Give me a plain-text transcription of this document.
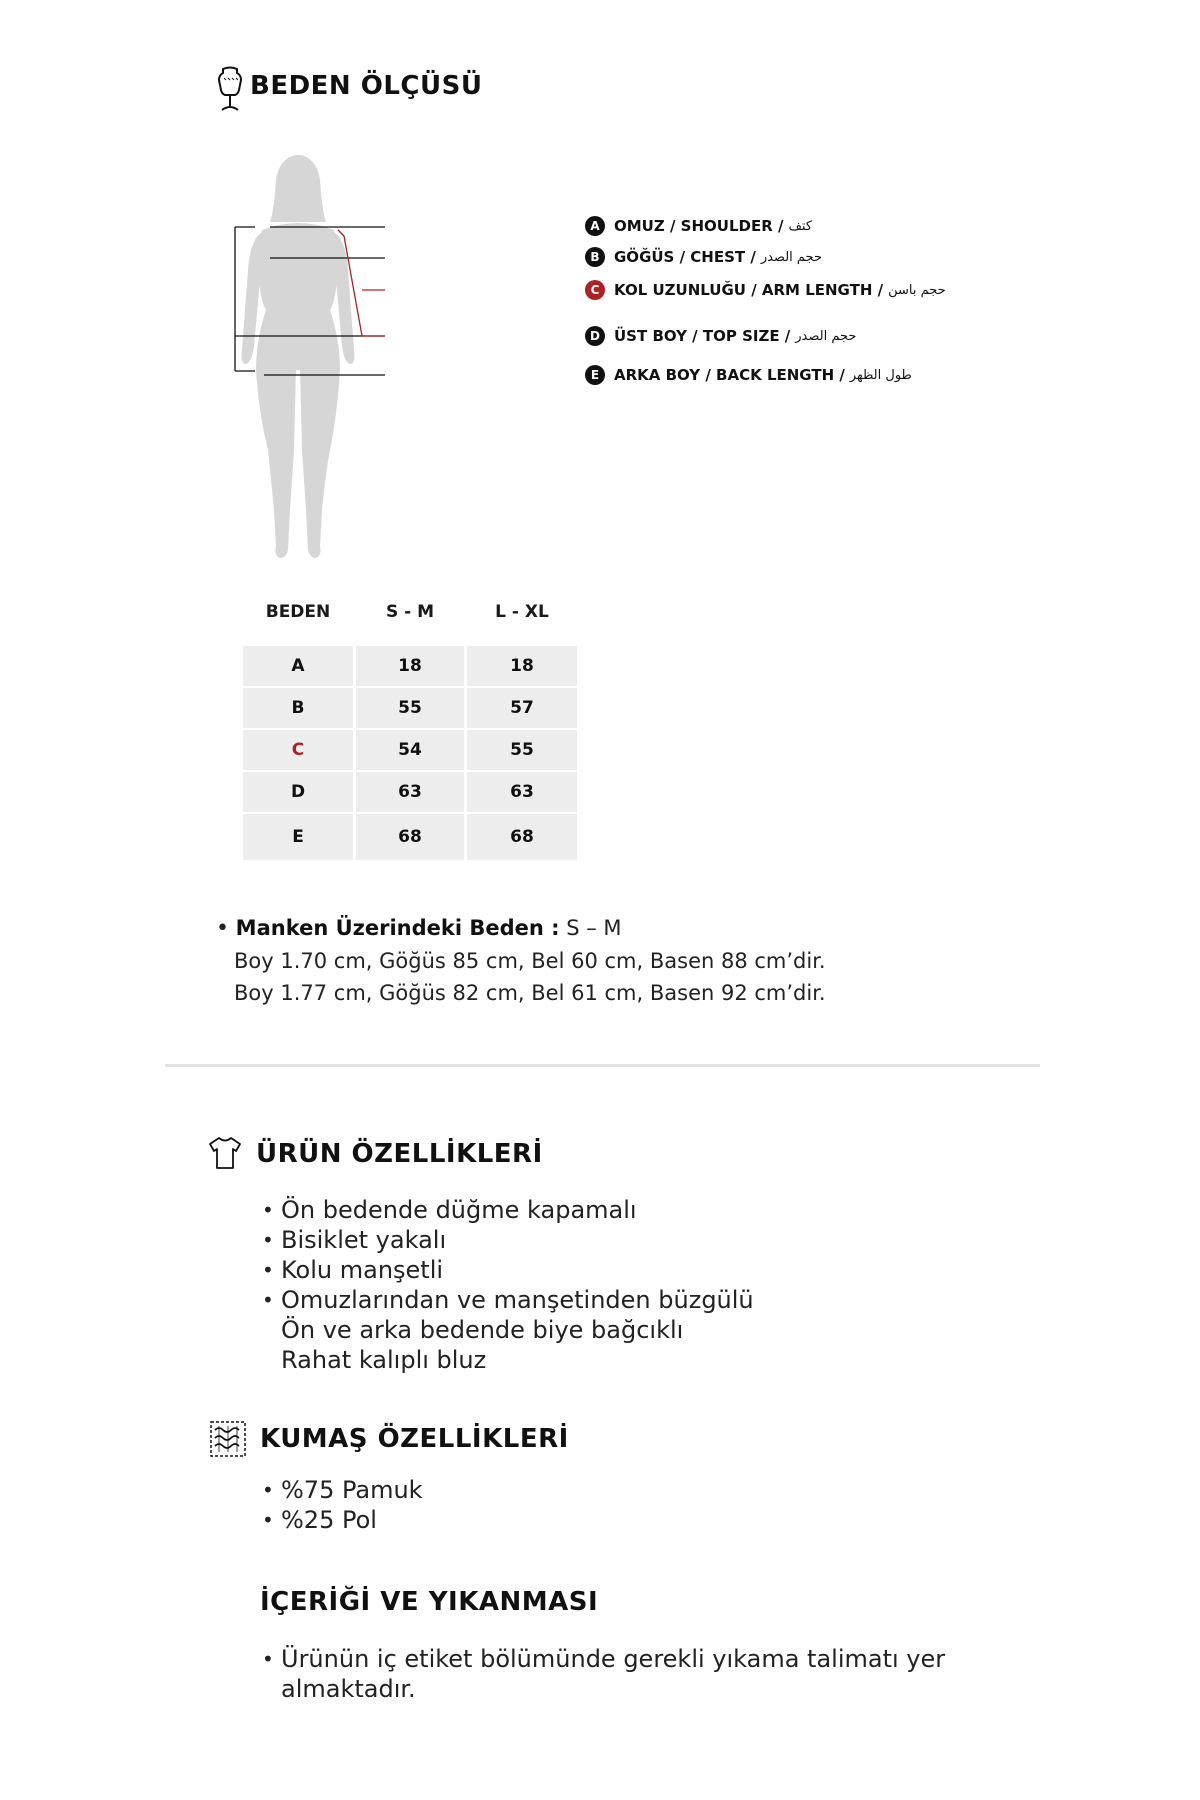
BEDEN ÖLÇÜSÜ
A OMUZ / SHOULDER / كتف
B GÖĞÜS / CHEST / حجم الصدر
C KOL UZUNLUĞU / ARM LENGTH / حجم باسن
D ÜST BOY / TOP SIZE / حجم الصدر
E ARKA BOY / BACK LENGTH / طول الظهر
BEDEN	S - M	L - XL
A	18	18
B	55	57
C	54	55
D	63	63
E	68	68
• Manken Üzerindeki Beden : S – M
Boy 1.70 cm, Göğüs 85 cm, Bel 60 cm, Basen 88 cm’dir.
Boy 1.77 cm, Göğüs 82 cm, Bel 61 cm, Basen 92 cm’dir.
ÜRÜN ÖZELLİKLERİ
• Ön bedende düğme kapamalı
• Bisiklet yakalı
• Kolu manşetli
• Omuzlarından ve manşetinden büzgülü
Ön ve arka bedende biye bağcıklı
Rahat kalıplı bluz
KUMAŞ ÖZELLİKLERİ
• %75 Pamuk
• %25 Pol
İÇERİĞİ VE YIKANMASI
• Ürünün iç etiket bölümünde gerekli yıkama talimatı yer
almaktadır.
